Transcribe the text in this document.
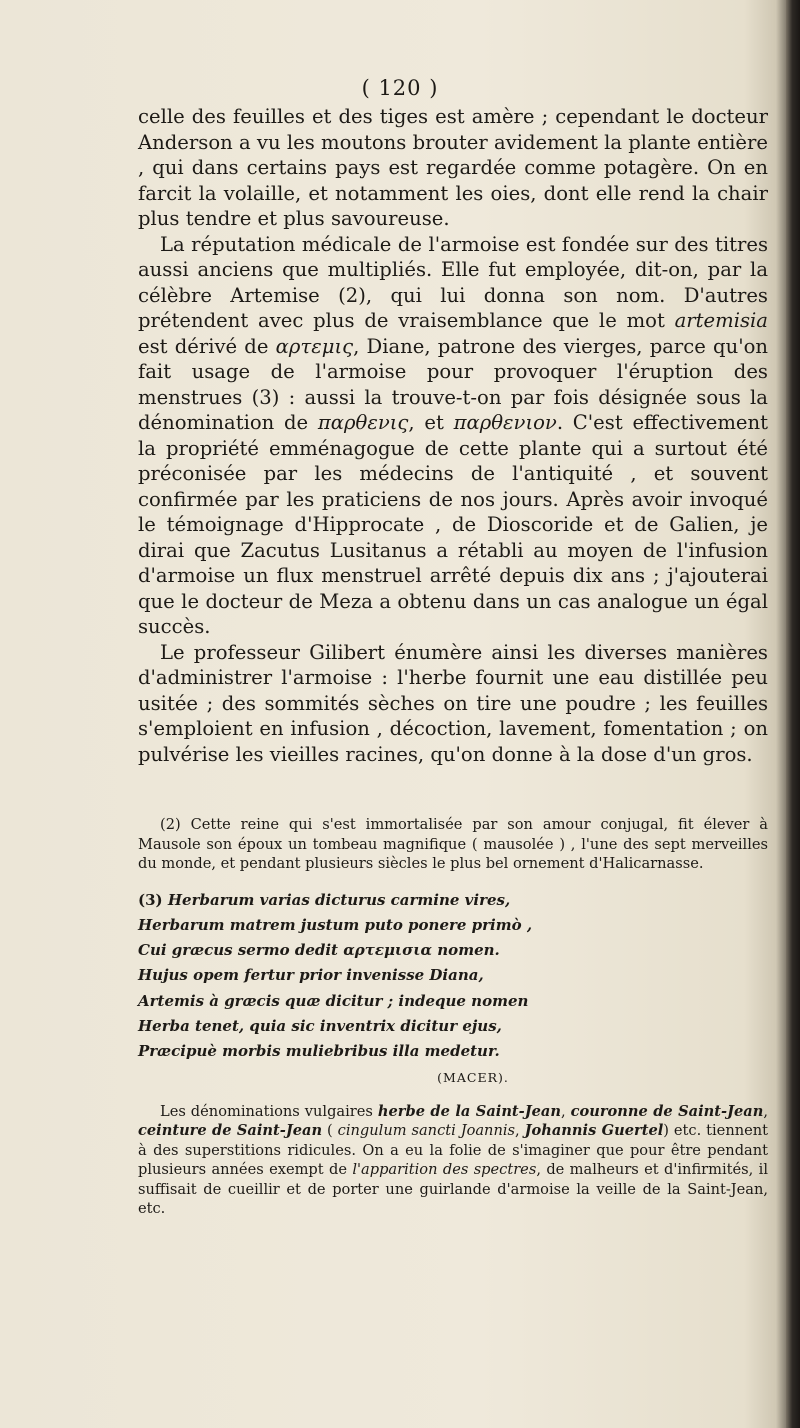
( 120 )

celle des feuilles et des tiges est amère ; cependant le docteur Anderson a vu les moutons brouter avidement la plante entière , qui dans certains pays est regardée comme potagère. On en farcit la volaille, et notamment les oies, dont elle rend la chair plus tendre et plus savoureuse.

La réputation médicale de l'armoise est fondée sur des titres aussi anciens que multipliés. Elle fut employée, dit-on, par la célèbre Artemise (2), qui lui donna son nom. D'autres prétendent avec plus de vraisemblance que le mot artemisia est dérivé de αρτεμις, Diane, patrone des vierges, parce qu'on fait usage de l'armoise pour provoquer l'éruption des menstrues (3) : aussi la trouve-t-on par fois désignée sous la dénomination de παρθενις, et παρθενιον. C'est effectivement la propriété emménagogue de cette plante qui a surtout été préconisée par les médecins de l'antiquité , et souvent confirmée par les praticiens de nos jours. Après avoir invoqué le témoignage d'Hipprocate , de Dioscoride et de Galien, je dirai que Zacutus Lusitanus a rétabli au moyen de l'infusion d'armoise un flux menstruel arrêté depuis dix ans ; j'ajouterai que le docteur de Meza a obtenu dans un cas analogue un égal succès.

Le professeur Gilibert énumère ainsi les diverses manières d'administrer l'armoise : l'herbe fournit une eau distillée peu usitée ; des sommités sèches on tire une poudre ; les feuilles s'emploient en infusion , décoction, lavement, fomentation ; on pulvérise les vieilles racines, qu'on donne à la dose d'un gros.

(2) Cette reine qui s'est immortalisée par son amour conjugal, fit élever à Mausole son époux un tombeau magnifique ( mausolée ) , l'une des sept merveilles du monde, et pendant plusieurs siècles le plus bel ornement d'Halicarnasse.

(3) Herbarum varias dicturus carmine vires,
Herbarum matrem justum puto ponere primò ,
Cui græcus sermo dedit αρτεμισια nomen.
Hujus opem fertur prior invenisse Diana,
Artemis à græcis quæ dicitur ; indeque nomen
Herba tenet, quia sic inventrix dicitur ejus,
Præcipuè morbis muliebribus illa medetur.
(MACER).

Les dénominations vulgaires herbe de la Saint-Jean, couronne de Saint-Jean, ceinture de Saint-Jean ( cingulum sancti Joannis, Johannis Guertel) etc. tiennent à des superstitions ridicules. On a eu la folie de s'imaginer que pour être pendant plusieurs années exempt de l'apparition des spectres, de malheurs et d'infirmités, il suffisait de cueillir et de porter une guirlande d'armoise la veille de la Saint-Jean, etc.
